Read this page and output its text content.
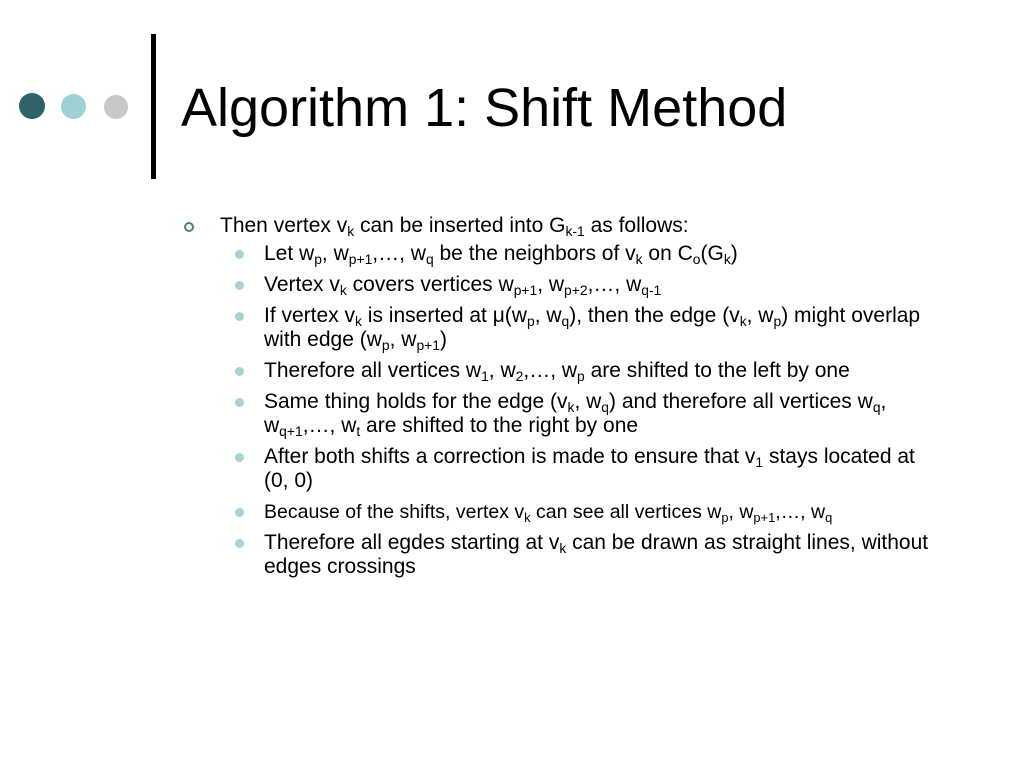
Algorithm 1: Shift Method
Then vertex $v_k$ can be inserted into $G_{k-1}$ as follows:
Let $w_p$, $w_{p+1},\dots$, $w_q$ be the neighbors of $v_k$ on $C_o(G_k)$
Vertex $v_k$ covers vertices $w_{p+1}$, $w_{p+2},\dots$, $w_{q-1}$
If vertex $v_k$ is inserted at $\mu(w_p$, $w_q$), then the edge ($v_k$, $w_p$) might overlap with edge ($w_p$, $w_{p+1}$)
Therefore all vertices $w_1$, $w_2,\dots$, $w_p$ are shifted to the left by one
Same thing holds for the edge ($v_k$, $w_q$) and therefore all vertices $w_q$, $w_{q+1},\dots$, $w_t$ are shifted to the right by one
After both shifts a correction is made to ensure that $v_1$ stays located at (0, 0)
Because of the shifts, vertex $v_k$ can see all vertices $w_p$, $w_{p+1},\dots$, $w_q$
Therefore all egdes starting at $v_k$ can be drawn as straight lines, without edges crossings
